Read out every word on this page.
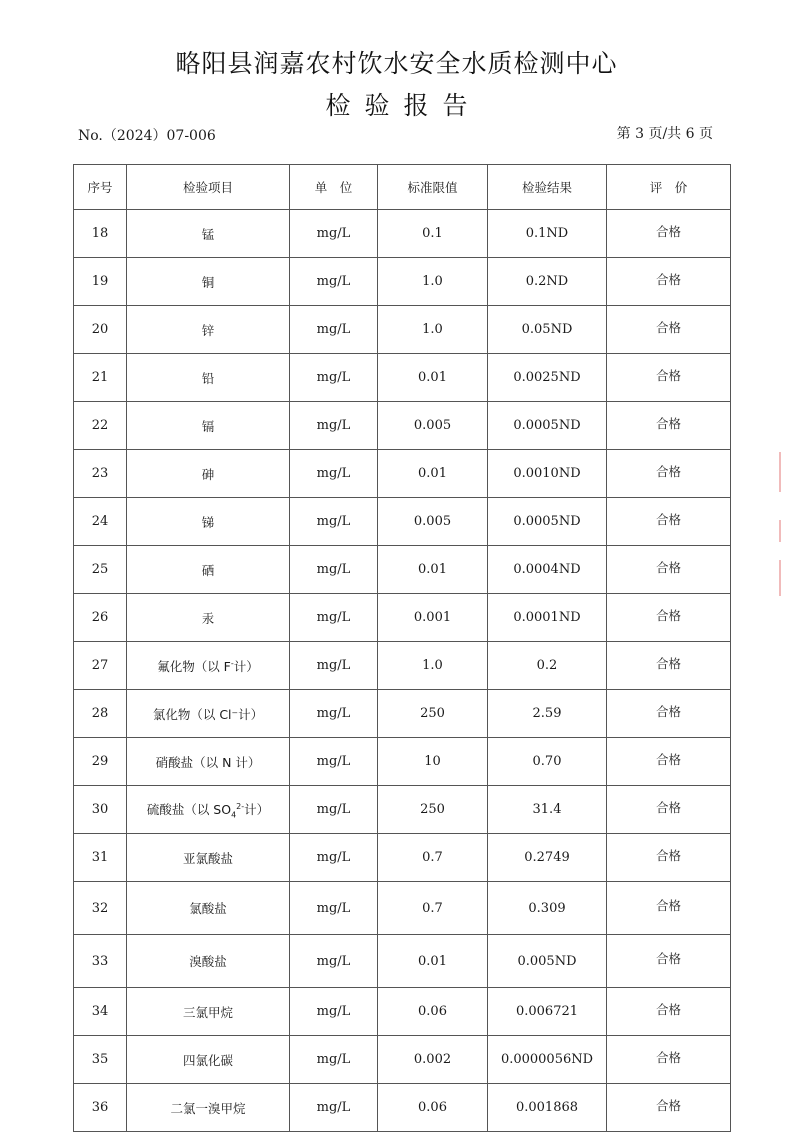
略阳县润嘉农村饮水安全水质检测中心
检验报告
No.（2024）07-006	第 3 页/共 6 页
序号	检验项目	单　位	标准限值	检验结果	评　价
18	锰	mg/L	0.1	0.1ND	合格
19	铜	mg/L	1.0	0.2ND	合格
20	锌	mg/L	1.0	0.05ND	合格
21	铅	mg/L	0.01	0.0025ND	合格
22	镉	mg/L	0.005	0.0005ND	合格
23	砷	mg/L	0.01	0.0010ND	合格
24	锑	mg/L	0.005	0.0005ND	合格
25	硒	mg/L	0.01	0.0004ND	合格
26	汞	mg/L	0.001	0.0001ND	合格
27	氟化物（以 F-计）	mg/L	1.0	0.2	合格
28	氯化物（以 Cl⁻计）	mg/L	250	2.59	合格
29	硝酸盐（以 N 计）	mg/L	10	0.70	合格
30	硫酸盐（以 $SO_4^{2-}$计）	mg/L	250	31.4	合格
31	亚氯酸盐	mg/L	0.7	0.2749	合格
32	氯酸盐	mg/L	0.7	0.309	合格
33	溴酸盐	mg/L	0.01	0.005ND	合格
34	三氯甲烷	mg/L	0.06	0.006721	合格
35	四氯化碳	mg/L	0.002	0.0000056ND	合格
36	二氯一溴甲烷	mg/L	0.06	0.001868	合格
